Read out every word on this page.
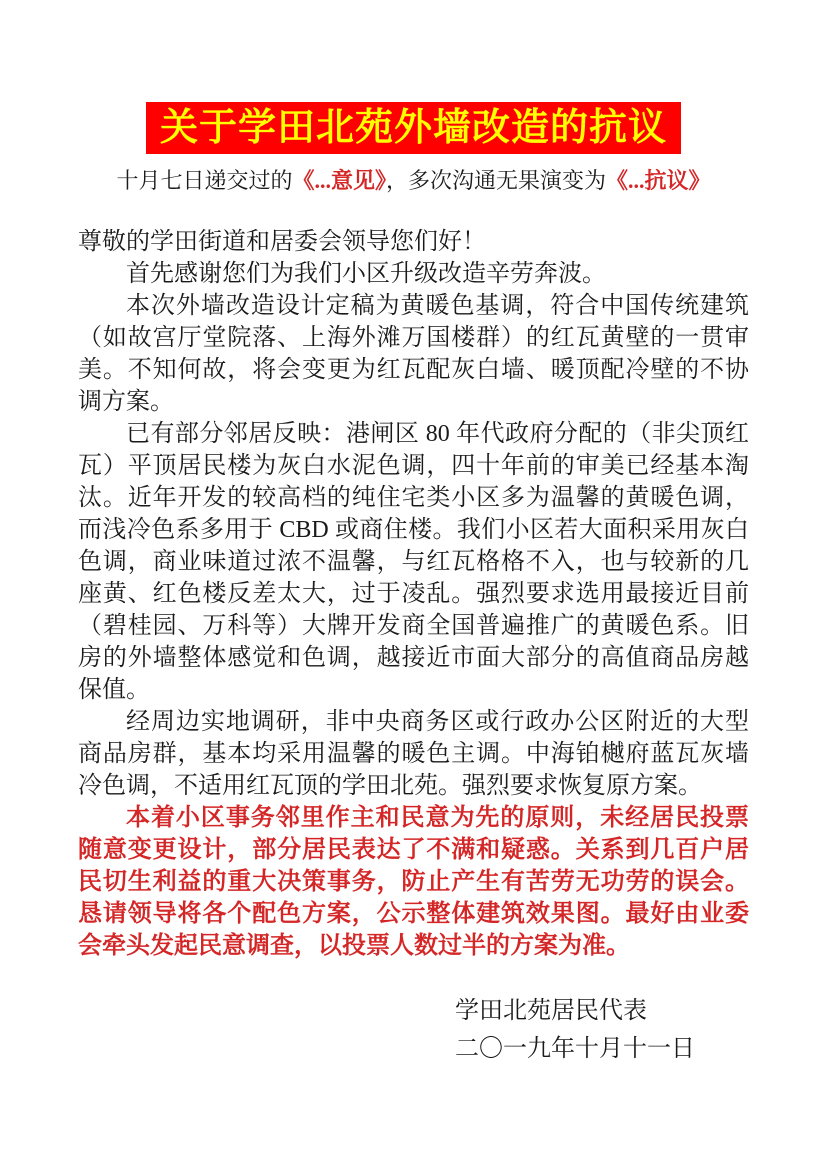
关于学田北苑外墙改造的抗议
十月七日递交过的《...意见》，多次沟通无果演变为《...抗议》

尊敬的学田街道和居委会领导您们好！

首先感谢您们为我们小区升级改造辛劳奔波。

本次外墙改造设计定稿为黄暖色基调，符合中国传统建筑（如故宫厅堂院落、上海外滩万国楼群）的红瓦黄壁的一贯审美。不知何故，将会变更为红瓦配灰白墙、暖顶配冷壁的不协调方案。

已有部分邻居反映：港闸区 80 年代政府分配的（非尖顶红瓦）平顶居民楼为灰白水泥色调，四十年前的审美已经基本淘汰。近年开发的较高档的纯住宅类小区多为温馨的黄暖色调，而浅冷色系多用于 CBD 或商住楼。我们小区若大面积采用灰白色调，商业味道过浓不温馨，与红瓦格格不入，也与较新的几座黄、红色楼反差太大，过于凌乱。强烈要求选用最接近目前（碧桂园、万科等）大牌开发商全国普遍推广的黄暖色系。旧房的外墙整体感觉和色调，越接近市面大部分的高值商品房越保值。

经周边实地调研，非中央商务区或行政办公区附近的大型商品房群，基本均采用温馨的暖色主调。中海铂樾府蓝瓦灰墙冷色调，不适用红瓦顶的学田北苑。强烈要求恢复原方案。

本着小区事务邻里作主和民意为先的原则，未经居民投票随意变更设计，部分居民表达了不满和疑惑。关系到几百户居民切生利益的重大决策事务，防止产生有苦劳无功劳的误会。恳请领导将各个配色方案，公示整体建筑效果图。最好由业委会牵头发起民意调查，以投票人数过半的方案为准。

学田北苑居民代表
二〇一九年十月十一日
